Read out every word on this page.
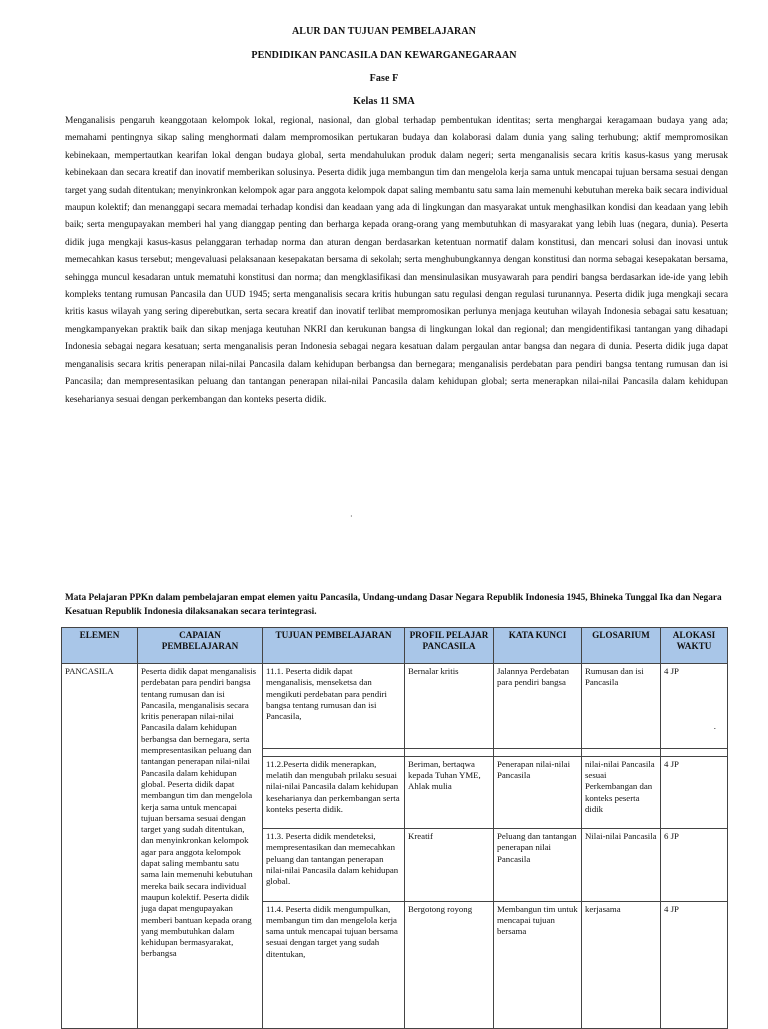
ALUR DAN TUJUAN PEMBELAJARAN
PENDIDIKAN PANCASILA DAN KEWARGANEGARAAN
Fase F
Kelas 11 SMA
Menganalisis pengaruh keanggotaan kelompok lokal, regional, nasional, dan global terhadap pembentukan identitas; serta menghargai keragamaan budaya yang ada; memahami pentingnya sikap saling menghormati dalam mempromosikan pertukaran budaya dan kolaborasi dalam dunia yang saling terhubung; aktif mempromosikan kebinekaan, mempertautkan kearifan lokal dengan budaya global, serta mendahulukan produk dalam negeri; serta menganalisis secara kritis kasus-kasus yang merusak kebinekaan dan secara kreatif dan inovatif memberikan solusinya. Peserta didik juga membangun tim dan mengelola kerja sama untuk mencapai tujuan bersama sesuai dengan target yang sudah ditentukan; menyinkronkan kelompok agar para anggota kelompok dapat saling membantu satu sama lain memenuhi kebutuhan mereka baik secara individual maupun kolektif; dan menanggapi secara memadai terhadap kondisi dan keadaan yang ada di lingkungan dan masyarakat untuk menghasilkan kondisi dan keadaan yang lebih baik; serta mengupayakan memberi hal yang dianggap penting dan berharga kepada orang-orang yang membutuhkan di masyarakat yang lebih luas (negara, dunia). Peserta didik juga mengkaji kasus-kasus pelanggaran terhadap norma dan aturan dengan berdasarkan ketentuan normatif dalam konstitusi, dan mencari solusi dan inovasi untuk memecahkan kasus tersebut; mengevaluasi pelaksanaan kesepakatan bersama di sekolah; serta menghubungkannya dengan konstitusi dan norma sebagai kesepakatan bersama, sehingga muncul kesadaran untuk mematuhi konstitusi dan norma; dan mengklasifikasi dan mensinulasikan musyawarah para pendiri bangsa berdasarkan ide-ide yang lebih kompleks tentang rumusan Pancasila dan UUD 1945; serta menganalisis secara kritis hubungan satu regulasi dengan regulasi turunannya. Peserta didik juga mengkaji secara kritis kasus wilayah yang sering diperebutkan, serta secara kreatif dan inovatif terlibat mempromosikan perlunya menjaga keutuhan wilayah Indonesia sebagai satu kesatuan; mengkampanyekan praktik baik dan sikap menjaga keutuhan NKRI dan kerukunan bangsa di lingkungan lokal dan regional; dan mengidentifikasi tantangan yang dihadapi Indonesia sebagai negara kesatuan; serta menganalisis peran Indonesia sebagai negara kesatuan dalam pergaulan antar bangsa dan negara di dunia. Peserta didik juga dapat menganalisis secara kritis penerapan nilai-nilai Pancasila dalam kehidupan berbangsa dan bernegara; menganalisis perdebatan para pendiri bangsa tentang rumusan dan isi Pancasila; dan mempresentasikan peluang dan tantangan penerapan nilai-nilai Pancasila dalam kehidupan global; serta menerapkan nilai-nilai Pancasila dalam kehidupan keseharianya sesuai dengan perkembangan dan konteks peserta didik.
·
Mata Pelajaran PPKn dalam pembelajaran empat elemen yaitu Pancasila, Undang-undang Dasar Negara Republik Indonesia 1945, Bhineka Tunggal Ika dan Negara Kesatuan Republik Indonesia dilaksanakan secara terintegrasi.
ELEMEN	CAPAIAN PEMBELAJARAN	TUJUAN PEMBELAJARAN	PROFIL PELAJAR PANCASILA	KATA KUNCI	GLOSARIUM	ALOKASI WAKTU
PANCASILA	Peserta didik dapat menganalisis perdebatan para pendiri bangsa tentang rumusan dan isi Pancasila, menganalisis secara kritis penerapan nilai-nilai Pancasila dalam kehidupan berbangsa dan bernegara, serta mempresentasikan peluang dan tantangan penerapan nilai-nilai Pancasila dalam kehidupan global. Peserta didik dapat membangun tim dan mengelola kerja sama untuk mencapai tujuan bersama sesuai dengan target yang sudah ditentukan, dan menyinkronkan kelompok agar para anggota kelompok dapat saling membantu satu sama lain memenuhi kebutuhan mereka baik secara individual maupun kolektif. Peserta didik juga dapat mengupayakan memberi bantuan kepada orang yang membutuhkan dalam kehidupan bermasyarakat, berbangsa	11.1. Peserta didik dapat menganalisis, menseketsa dan mengikuti perdebatan para pendiri bangsa tentang rumusan dan isi Pancasila,	Bernalar kritis	Jalannya Perdebatan para pendiri bangsa	Rumusan dan isi Pancasila	4 JP
.

		11.2.Peserta didik menerapkan, melatih dan mengubah prilaku sesuai nilai-nilai Pancasila dalam kehidupan keseharianya dan perkembangan serta konteks peserta didik.	Beriman, bertaqwa kepada Tuhan YME, Ahlak mulia	Penerapan nilai-nilai Pancasila	nilai-nilai Pancasila sesuai Perkembangan dan konteks peserta didik	4 JP
		11.3. Peserta didik mendeteksi, mempresentasikan dan memecahkan peluang dan tantangan penerapan nilai-nilai Pancasila dalam kehidupan global.	Kreatif	Peluang dan tantangan penerapan nilai Pancasila	Nilai-nilai Pancasila	6 JP
		11.4. Peserta didik mengumpulkan, membangun tim dan mengelola kerja sama untuk mencapai tujuan bersama sesuai dengan target yang sudah ditentukan,	Bergotong royong	Membangun tim untuk mencapai tujuan bersama	kerjasama	4 JP
